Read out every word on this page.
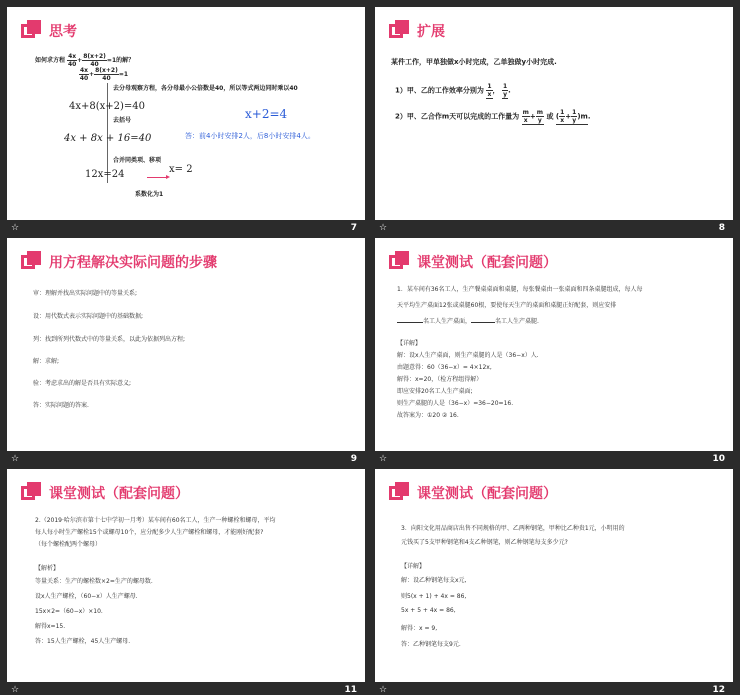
思考
如何求方程 $\frac{4x}{40} + \frac{8(x+2)}{40} =1$的解？
$\frac{4x}{40} + \frac{8(x+2)}{40} =1$
去分母观察方程，各分母最小公倍数是40，所以等式两边同时乘以40
4x+8(x+2)=40
去括号
4x + 8x + 16=40
x+2=4
答：前4小时安排2人，后8小时安排4人。
合并同类项、移项
12x=24	x= 2
系数化为1
☆	7
扩展
某件工作，甲单独做x小时完成，乙单独做y小时完成.
1）甲、乙的工作效率分别为 $\frac{1}{x}$ ， $\frac{1}{y}$ .
2）甲、乙合作m天可以完成的工作量为 $\frac{m}{x} + \frac{m}{y}$ 或 ( $\frac{1}{x} + \frac{1}{y} )m$.
☆	8
用方程解决实际问题的步骤
审：理解并找出实际问题中的等量关系;
设：用代数式表示实际问题中的基础数据;
列：找到所列代数式中的等量关系，以此为依据列出方程;
解：求解;
验：考虑求出的解是否具有实际意义;
答：实际问题的答案.
☆	9
课堂测试（配套问题）
1．某车间有36名工人，生产餐桌桌面和桌腿，每张餐桌由一张桌面和四条桌腿组成，每人每
天平均生产桌面12张或桌腿60根，要使每天生产的桌面和桌腿正好配套，则应安排
名工人生产桌面，	名工人生产桌腿.
【详解】
解：设x人生产桌面，则生产桌腿的人是（36−x）人.
由题意得：60（36−x）= 4×12x,
解得：x=20，（检方程组得解）
即应安排20名工人生产桌面;
则生产桌腿的人是（36−x）=36−20=16.
故答案为：①20 ② 16.
☆	10
课堂测试（配套问题）
2.（2019·哈尔滨市第十七中学初一月考）某车间有60名工人，生产一种螺栓和螺母，平均
每人每小时生产螺栓15个或螺母10个，应分配多少人生产螺栓和螺母，才能刚好配套?
（每个螺栓配两个螺母）
【解析】
等量关系：生产的螺栓数×2=生产的螺母数.
设x人生产螺栓，（60−x）人生产螺母.
15x×2=（60−x）×10.
解得x=15.
答：15人生产螺栓，45人生产螺母.
☆	11
课堂测试（配套问题）
3．向阳文化用品商店出售不同规格的甲、乙两种钢笔，甲种比乙种贵1元，小明用的
元钱买了5支甲种钢笔和4支乙种钢笔，则乙种钢笔每支多少元?
【详解】
解：设乙种钢笔每支x元,
则5(x + 1) + 4x = 86,
5x + 5 + 4x = 86,
解得：x = 9,
答：乙种钢笔每支9元.
☆	12
